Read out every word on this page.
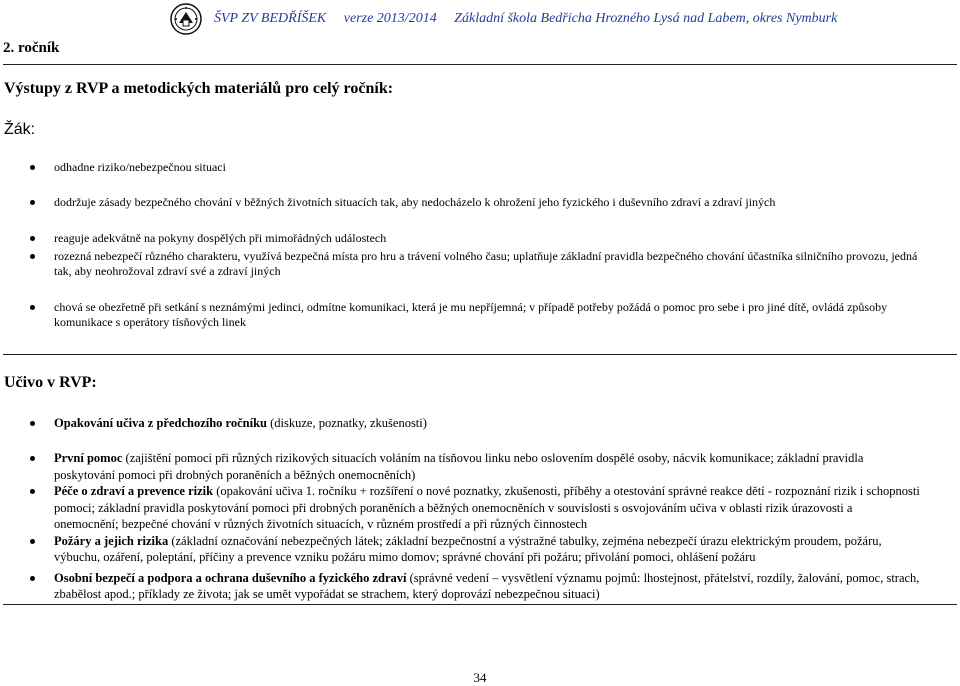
ŠVP ZV BEDŘÍŠEK verze 2013/2014 Základní škola Bedřicha Hrozného Lysá nad Labem, okres Nymburk
2. ročník
Výstupy z RVP a metodických materiálů pro celý ročník:
Žák:
odhadne riziko/nebezpečnou situaci
dodržuje zásady bezpečného chování v běžných životních situacích tak, aby nedocházelo k ohrožení jeho fyzického i duševního zdraví a zdraví jiných
reaguje adekvátně na pokyny dospělých při mimořádných událostech
rozezná nebezpečí různého charakteru, využívá bezpečná místa pro hru a trávení volného času; uplatňuje základní pravidla bezpečného chování účastníka silničního provozu, jedná tak, aby neohrožoval zdraví své a zdraví jiných
chová se obezřetně při setkání s neznámými jedinci, odmítne komunikaci, která je mu nepříjemná; v případě potřeby požádá o pomoc pro sebe i pro jiné dítě, ovládá způsoby komunikace s operátory tísňových linek
Učivo v RVP:
Opakování učiva z předchozího ročníku (diskuze, poznatky, zkušenosti)
První pomoc (zajištění pomoci při různých rizikových situacích voláním na tísňovou linku nebo oslovením dospělé osoby, nácvik komunikace; základní pravidla poskytování pomoci při drobných poraněních a běžných onemocněních)
Péče o zdraví a prevence rizik (opakování učiva 1. ročníku + rozšíření o nové poznatky, zkušenosti, příběhy a otestování správné reakce dětí - rozpoznání rizik i schopnosti pomoci; základní pravidla poskytování pomoci při drobných poraněních a běžných onemocněních v souvislosti s osvojováním učiva v oblasti rizik úrazovosti a onemocnění; bezpečné chování v různých životních situacích, v různém prostředí a při různých činnostech
Požáry a jejich rizika (základní označování nebezpečných látek; základní bezpečnostní a výstražné tabulky, zejména nebezpečí úrazu elektrickým proudem, požáru, výbuchu, ozáření, poleptání, příčiny a prevence vzniku požáru mimo domov; správné chování při požáru; přivolání pomoci, ohlášení požáru
Osobní bezpečí a podpora a ochrana duševního a fyzického zdraví (správné vedení – vysvětlení významu pojmů: lhostejnost, přátelství, rozdíly, žalování, pomoc, strach, zbabělost apod.; příklady ze života; jak se umět vypořádat se strachem, který doprovází nebezpečnou situaci)
34
